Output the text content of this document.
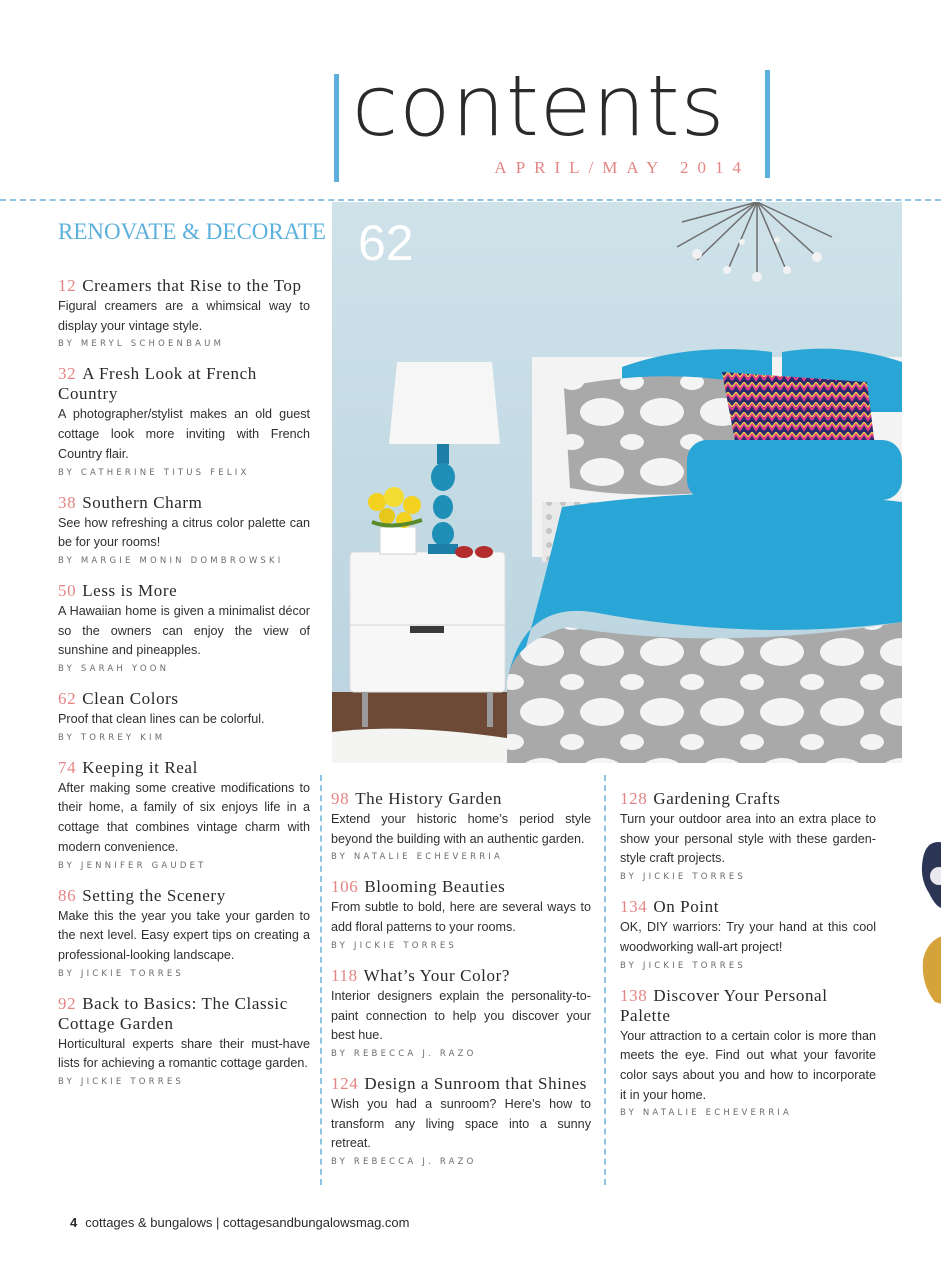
contents
APRIL/MAY 2014
RENOVATE & DECORATE
12 Creamers that Rise to the Top

Figural creamers are a whimsical way to display your vintage style.

BY MERYL SCHOENBAUM
32 A Fresh Look at French Country

A photographer/stylist makes an old guest cottage look more inviting with French Country flair.

BY CATHERINE TITUS FELIX
38 Southern Charm

See how refreshing a citrus color palette can be for your rooms!

BY MARGIE MONIN DOMBROWSKI
50 Less is More

A Hawaiian home is given a minimalist décor so the owners can enjoy the view of sunshine and pineapples.

BY SARAH YOON
62 Clean Colors

Proof that clean lines can be colorful.

BY TORREY KIM
74 Keeping it Real

After making some creative modifications to their home, a family of six enjoys life in a cottage that combines vintage charm with modern convenience.

BY JENNIFER GAUDET
86 Setting the Scenery

Make this the year you take your garden to the next level. Easy expert tips on creating a professional-looking landscape.

BY JICKIE TORRES
92 Back to Basics: The Classic Cottage Garden

Horticultural experts share their must-have lists for achieving a romantic cottage garden.

BY JICKIE TORRES
62
98 The History Garden

Extend your historic home’s period style beyond the building with an authentic garden.

BY NATALIE ECHEVERRIA
106 Blooming Beauties

From subtle to bold, here are several ways to add floral patterns to your rooms.

BY JICKIE TORRES
118 What’s Your Color?

Interior designers explain the personality-to-paint connection to help you discover your best hue.

BY REBECCA J. RAZO
124 Design a Sunroom that Shines

Wish you had a sunroom? Here’s how to transform any living space into a sunny retreat.

BY REBECCA J. RAZO
128 Gardening Crafts

Turn your outdoor area into an extra place to show your personal style with these garden-style craft projects.

BY JICKIE TORRES
134 On Point

OK, DIY warriors: Try your hand at this cool woodworking wall-art project!

BY JICKIE TORRES
138 Discover Your Personal Palette

Your attraction to a certain color is more than meets the eye. Find out what your favorite color says about you and how to incorporate it in your home.

BY NATALIE ECHEVERRIA
4 cottages & bungalows | cottagesandbungalowsmag.com
